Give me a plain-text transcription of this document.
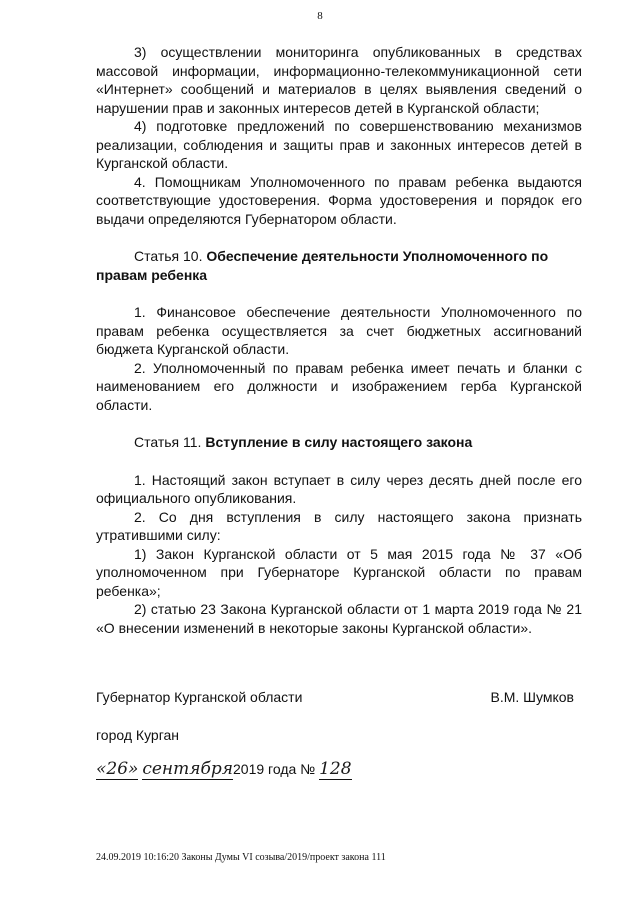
8

3) осуществлении мониторинга опубликованных в средствах массовой информации, информационно-телекоммуникационной сети «Интернет» сообщений и материалов в целях выявления сведений о нарушении прав и законных интересов детей в Курганской области;

4) подготовке предложений по совершенствованию механизмов реализации, соблюдения и защиты прав и законных интересов детей в Курганской области.

4. Помощникам Уполномоченного по правам ребенка выдаются соответствующие удостоверения. Форма удостоверения и порядок его выдачи определяются Губернатором области.

Статья 10. Обеспечение деятельности Уполномоченного по правам ребенка

1. Финансовое обеспечение деятельности Уполномоченного по правам ребенка осуществляется за счет бюджетных ассигнований бюджета Курганской области.

2. Уполномоченный по правам ребенка имеет печать и бланки с наименованием его должности и изображением герба Курганской области.

Статья 11. Вступление в силу настоящего закона

1. Настоящий закон вступает в силу через десять дней после его официального опубликования.

2. Со дня вступления в силу настоящего закона признать утратившими силу:

1) Закон Курганской области от 5 мая 2015 года № 37 «Об уполномоченном при Губернаторе Курганской области по правам ребенка»;

2) статью 23 Закона Курганской области от 1 марта 2019 года № 21 «О внесении изменений в некоторые законы Курганской области».

Губернатор Курганской области	В.М. Шумков
город Курган
«26» сентября2019 года № 128
24.09.2019 10:16:20 Законы Думы VI созыва/2019/проект закона 111
